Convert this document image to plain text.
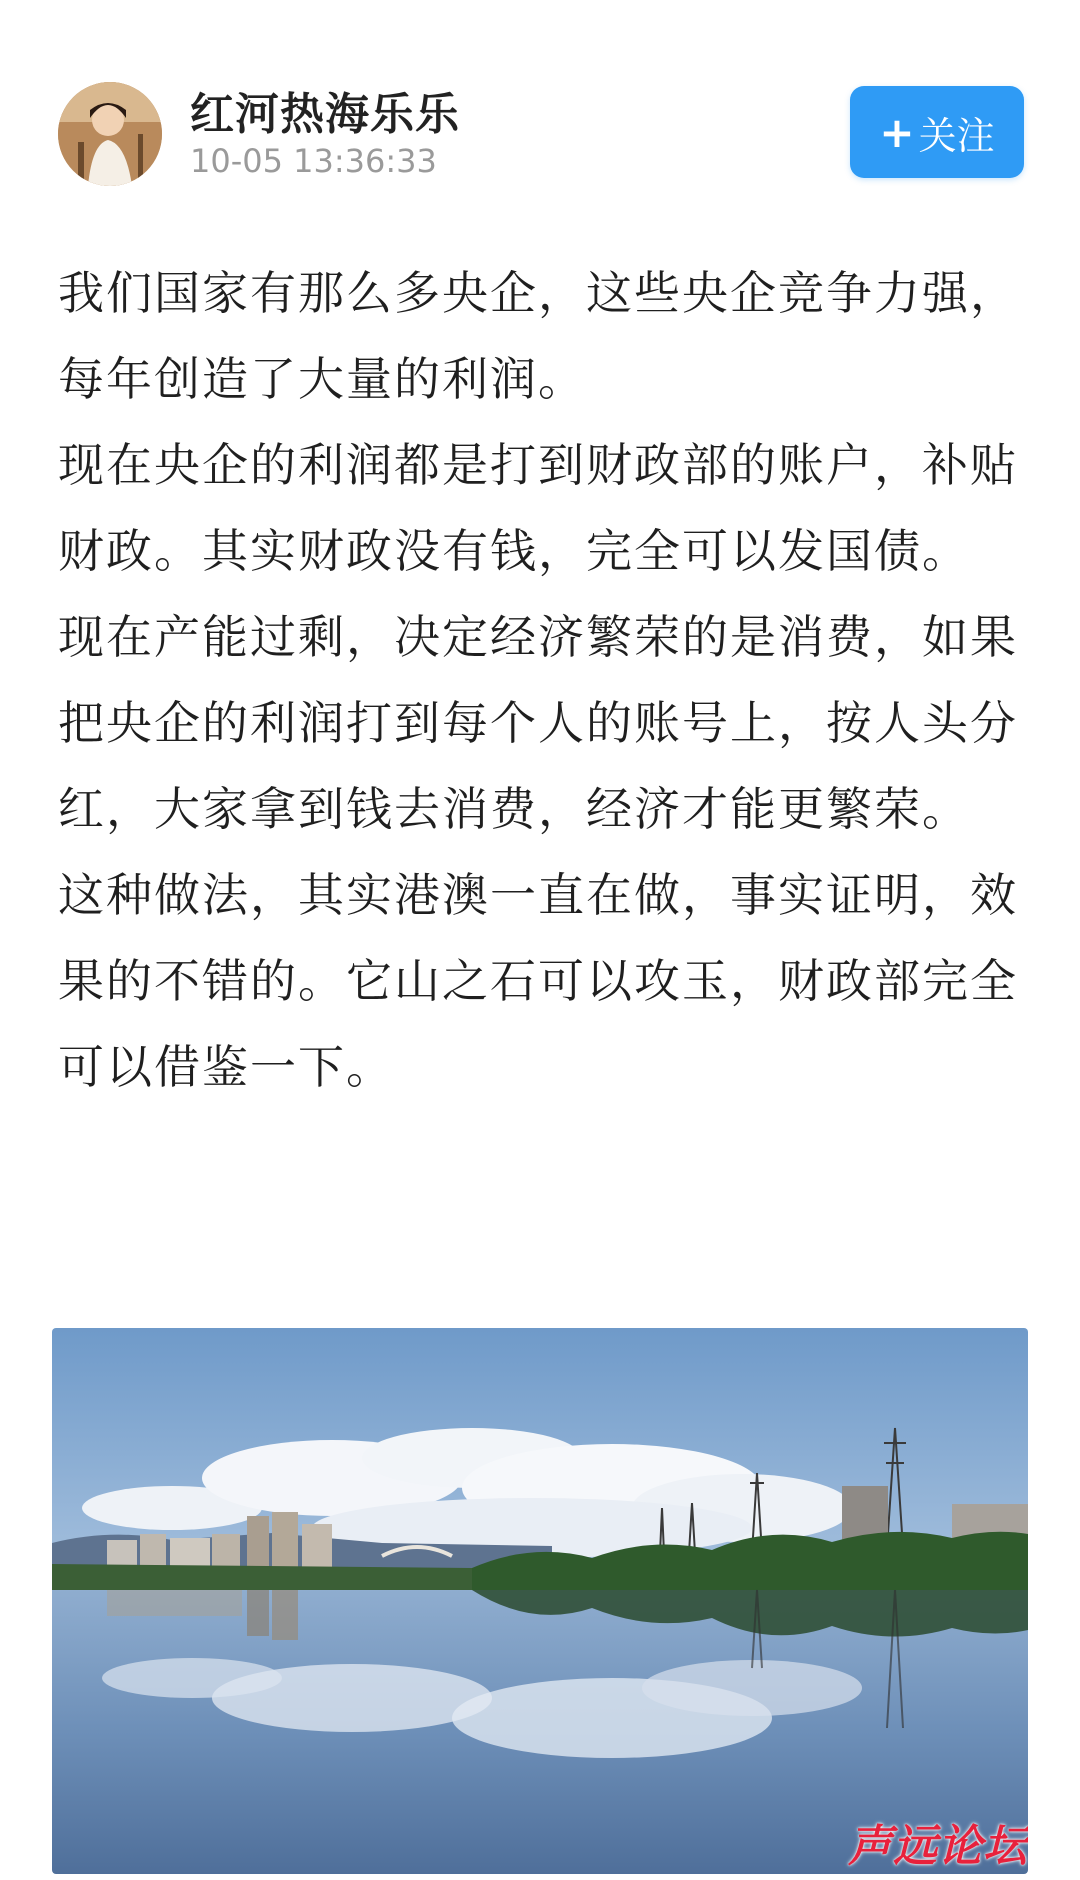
红河热海乐乐
10-05 13:36:33
+ 关注

我们国家有那么多央企，这些央企竞争力强，每年创造了大量的利润。

现在央企的利润都是打到财政部的账户，补贴财政。其实财政没有钱，完全可以发国债。

现在产能过剩，决定经济繁荣的是消费，如果把央企的利润打到每个人的账号上，按人头分红，大家拿到钱去消费，经济才能更繁荣。

这种做法，其实港澳一直在做，事实证明，效果的不错的。它山之石可以攻玉，财政部完全可以借鉴一下。

声远论坛
